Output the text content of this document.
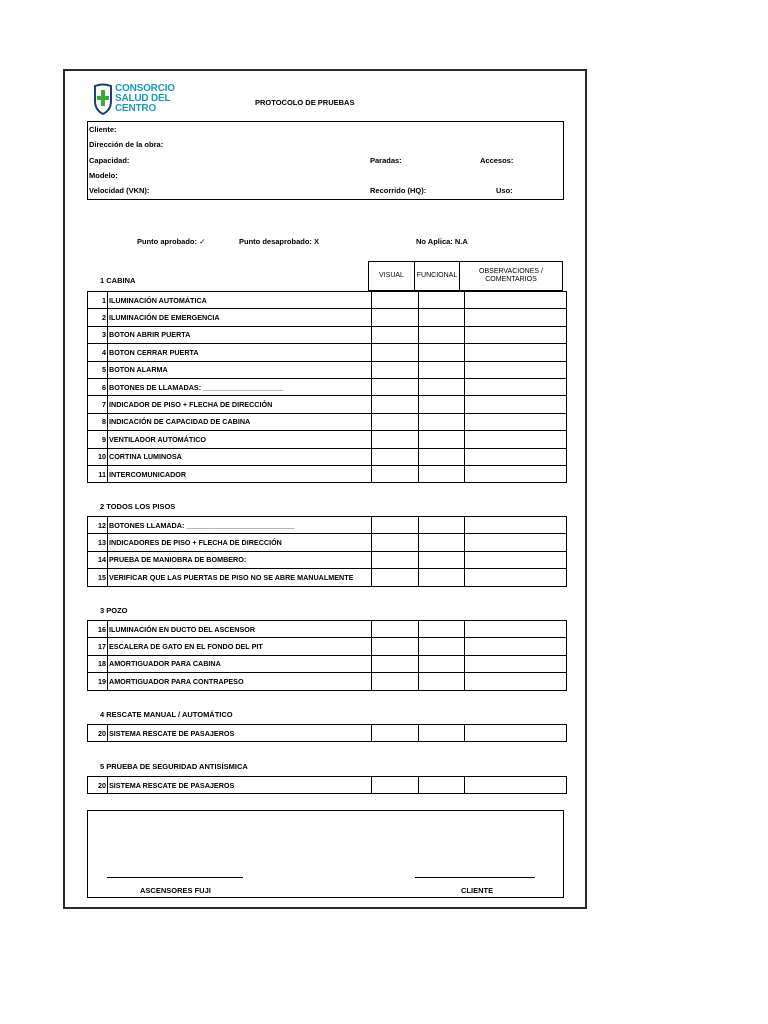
CONSORCIO
SALUD DEL
CENTRO
PROTOCOLO DE PRUEBAS
Cliente:
Dirección de la obra:
Capacidad:	Paradas:	Accesos:
Modelo:
Velocidad (VKN):	Recorrido (HQ):	Uso:
Punto aprobado: ✓	Punto desaprobado: X	No Aplica: N.A
VISUAL	FUNCIONAL
OBSERVACIONES / COMENTARIOS
1 CABINA
1	ILUMINACIÓN AUTOMÁTICA			
2	ILUMINACIÓN DE EMERGENCIA			
3	BOTON ABRIR PUERTA			
4	BOTON CERRAR PUERTA			
5	BOTON ALARMA			
6	BOTONES DE LLAMADAS: ____________________			
7	INDICADOR DE PISO + FLECHA DE DIRECCIÓN			
8	INDICACIÓN DE CAPACIDAD DE CABINA			
9	VENTILADOR AUTOMÁTICO			
10	CORTINA LUMINOSA			
11	INTERCOMUNICADOR			
2 TODOS LOS PISOS
12	BOTONES LLAMADA: ___________________________			
13	INDICADORES DE PISO + FLECHA DE DIRECCIÓN			
14	PRUEBA DE MANIOBRA DE BOMBERO:			
15	VERIFICAR QUE LAS PUERTAS DE PISO NO SE ABRE MANUALMENTE			
3 POZO
16	ILUMINACIÓN EN DUCTO DEL ASCENSOR			
17	ESCALERA DE GATO EN EL FONDO DEL PIT			
18	AMORTIGUADOR PARA CABINA			
19	AMORTIGUADOR PARA CONTRAPESO			
4 RESCATE MANUAL / AUTOMÁTICO
20	SISTEMA RESCATE DE PASAJEROS			
5 PRUEBA DE SEGURIDAD ANTISÍSMICA
20	SISTEMA RESCATE DE PASAJEROS			
ASCENSORES FUJI	CLIENTE
